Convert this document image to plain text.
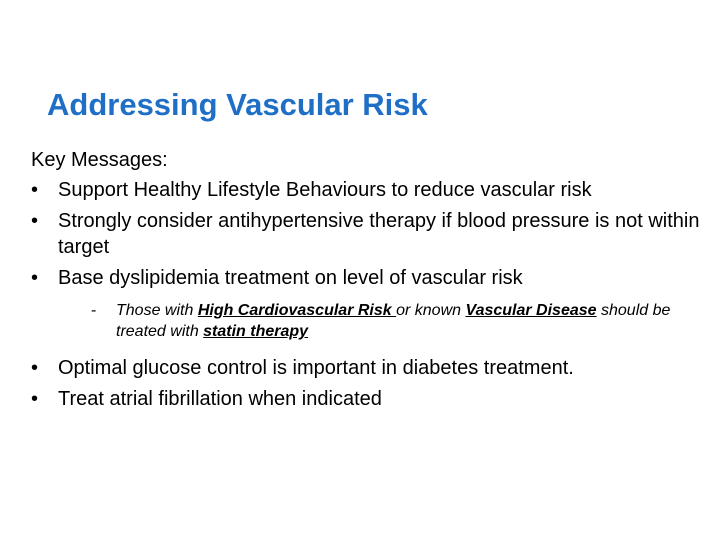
Addressing Vascular Risk

Key Messages:

• Support Healthy Lifestyle Behaviours to reduce vascular risk
• Strongly consider antihypertensive therapy if blood pressure is not within target
• Base dyslipidemia treatment on level of vascular risk
- Those with High Cardiovascular Risk or known Vascular Disease should be treated with statin therapy
• Optimal glucose control is important in diabetes treatment.
• Treat atrial fibrillation when indicated
